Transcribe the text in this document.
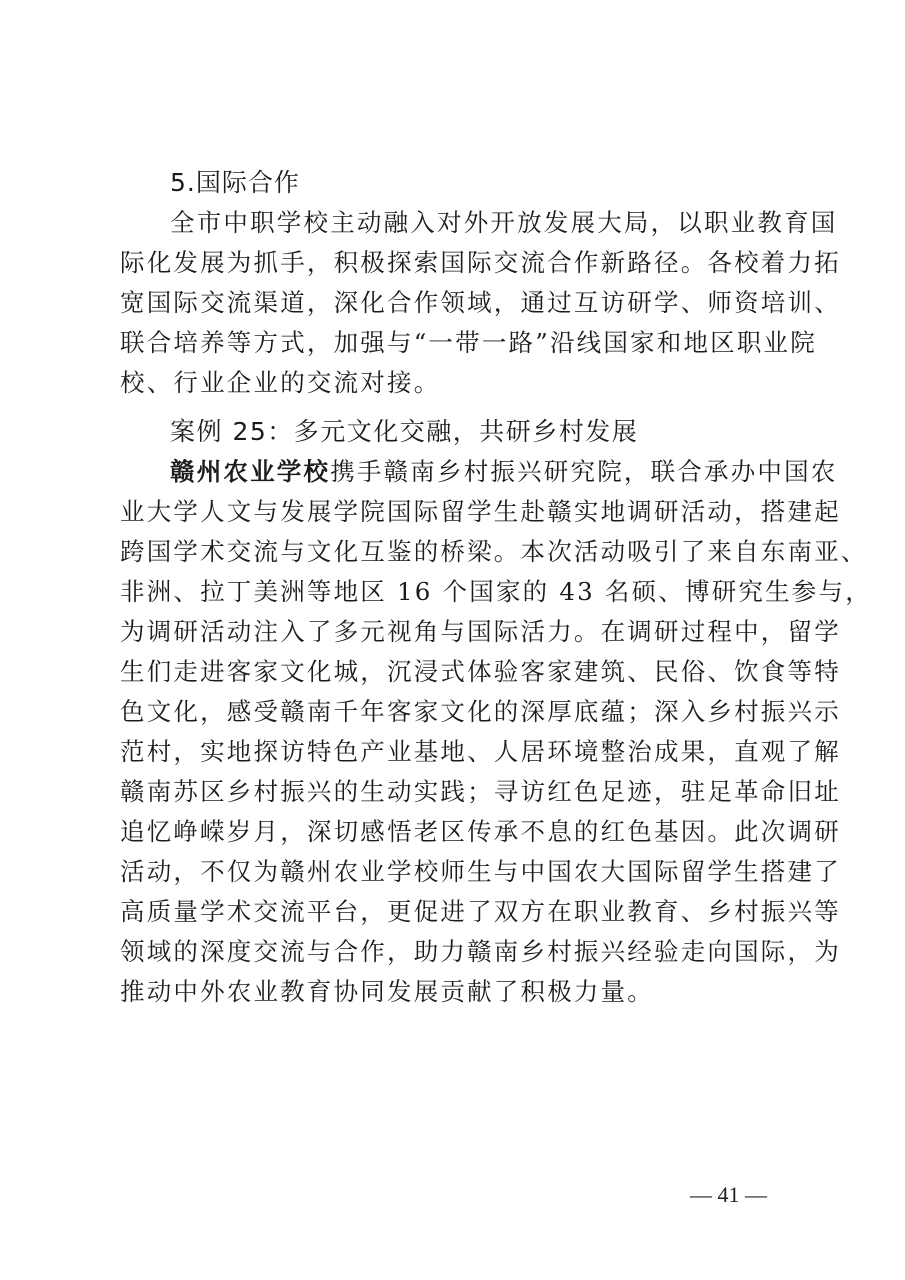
5.国际合作
全市中职学校主动融入对外开放发展大局，以职业教育国
际化发展为抓手，积极探索国际交流合作新路径。各校着力拓
宽国际交流渠道，深化合作领域，通过互访研学、师资培训、
联合培养等方式，加强与“一带一路”沿线国家和地区职业院
校、行业企业的交流对接。
案例 25：多元文化交融，共研乡村发展
赣州农业学校携手赣南乡村振兴研究院，联合承办中国农
业大学人文与发展学院国际留学生赴赣实地调研活动，搭建起
跨国学术交流与文化互鉴的桥梁。本次活动吸引了来自东南亚、
非洲、拉丁美洲等地区 16 个国家的 43 名硕、博研究生参与，
为调研活动注入了多元视角与国际活力。在调研过程中，留学
生们走进客家文化城，沉浸式体验客家建筑、民俗、饮食等特
色文化，感受赣南千年客家文化的深厚底蕴；深入乡村振兴示
范村，实地探访特色产业基地、人居环境整治成果，直观了解
赣南苏区乡村振兴的生动实践；寻访红色足迹，驻足革命旧址
追忆峥嵘岁月，深切感悟老区传承不息的红色基因。此次调研
活动，不仅为赣州农业学校师生与中国农大国际留学生搭建了
高质量学术交流平台，更促进了双方在职业教育、乡村振兴等
领域的深度交流与合作，助力赣南乡村振兴经验走向国际，为
推动中外农业教育协同发展贡献了积极力量。
— 41 —
